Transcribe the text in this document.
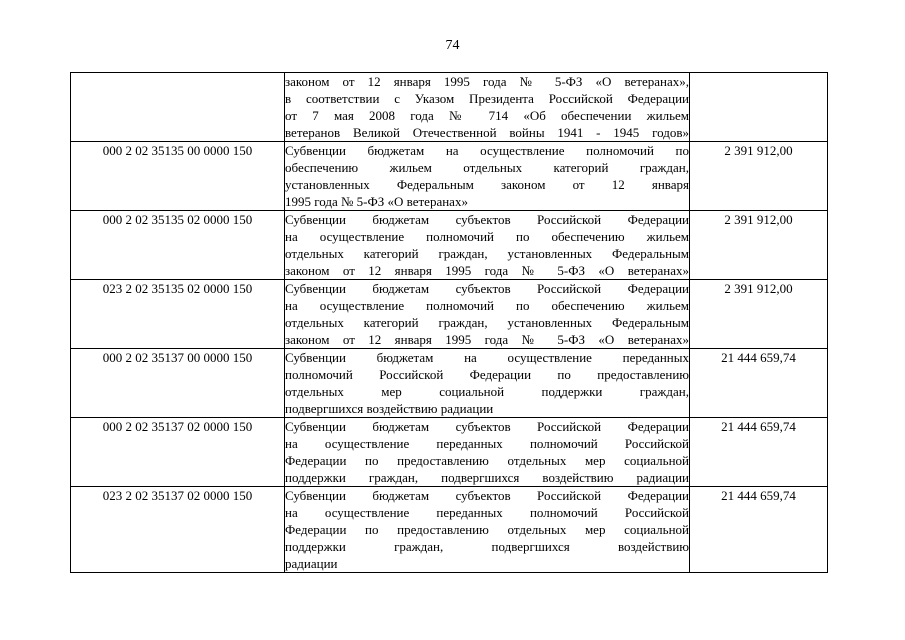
74

	законом от 12 января 1995 года № 5-ФЗ «О ветеранах»,
в соответствии с Указом Президента Российской Федерации
от 7 мая 2008 года № 714 «Об обеспечении жильем
ветеранов Великой Отечественной войны 1941 - 1945 годов»	

000 2 02 35135 00 0000 150	Субвенции бюджетам на осуществление полномочий по
обеспечению жильем отдельных категорий граждан,
установленных Федеральным законом от 12 января
1995 года № 5-ФЗ «О ветеранах»	2 391 912,00
000 2 02 35135 02 0000 150	Субвенции бюджетам субъектов Российской Федерации
на осуществление полномочий по обеспечению жильем
отдельных категорий граждан, установленных Федеральным
законом от 12 января 1995 года № 5-ФЗ «О ветеранах»	2 391 912,00
023 2 02 35135 02 0000 150	Субвенции бюджетам субъектов Российской Федерации
на осуществление полномочий по обеспечению жильем
отдельных категорий граждан, установленных Федеральным
законом от 12 января 1995 года № 5-ФЗ «О ветеранах»	2 391 912,00
000 2 02 35137 00 0000 150	Субвенции бюджетам на осуществление переданных
полномочий Российской Федерации по предоставлению
отдельных мер социальной поддержки граждан,
подвергшихся воздействию радиации	21 444 659,74
000 2 02 35137 02 0000 150	Субвенции бюджетам субъектов Российской Федерации
на осуществление переданных полномочий Российской
Федерации по предоставлению отдельных мер социальной
поддержки граждан, подвергшихся воздействию радиации	21 444 659,74
023 2 02 35137 02 0000 150	Субвенции бюджетам субъектов Российской Федерации
на осуществление переданных полномочий Российской
Федерации по предоставлению отдельных мер социальной
поддержки граждан, подвергшихся воздействию
радиации	21 444 659,74
